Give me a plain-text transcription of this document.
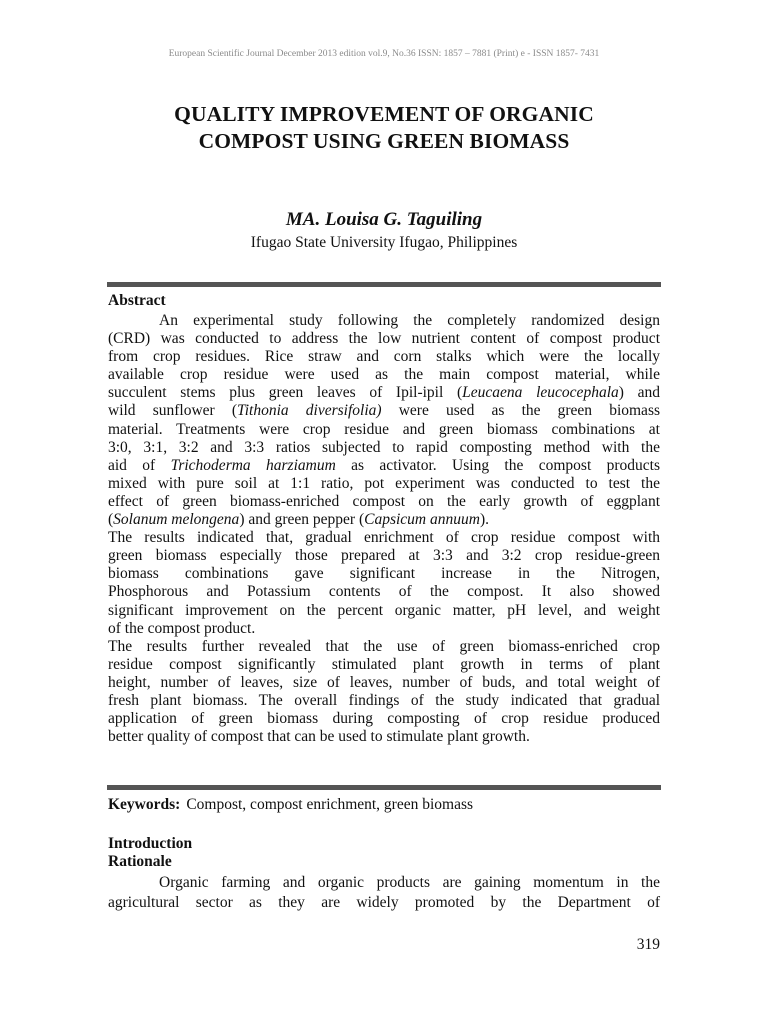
European Scientific Journal December 2013 edition vol.9, No.36 ISSN: 1857 – 7881 (Print) e - ISSN 1857- 7431
QUALITY IMPROVEMENT OF ORGANIC
COMPOST USING GREEN BIOMASS
MA. Louisa G. Taguiling
Ifugao State University Ifugao, Philippines
Abstract
An experimental study following the completely randomized design
(CRD) was conducted to address the low nutrient content of compost product
from crop residues. Rice straw and corn stalks which were the locally
available crop residue were used as the main compost material, while
succulent stems plus green leaves of Ipil-ipil (Leucaena leucocephala) and
wild sunflower (Tithonia diversifolia) were used as the green biomass
material. Treatments were crop residue and green biomass combinations at
3:0, 3:1, 3:2 and 3:3 ratios subjected to rapid composting method with the
aid of Trichoderma harziamum as activator. Using the compost products
mixed with pure soil at 1:1 ratio, pot experiment was conducted to test the
effect of green biomass-enriched compost on the early growth of eggplant
(Solanum melongena) and green pepper (Capsicum annuum).
The results indicated that, gradual enrichment of crop residue compost with
green biomass especially those prepared at 3:3 and 3:2 crop residue-green
biomass combinations gave significant increase in the Nitrogen,
Phosphorous and Potassium contents of the compost. It also showed
significant improvement on the percent organic matter, pH level, and weight
of the compost product.
The results further revealed that the use of green biomass-enriched crop
residue compost significantly stimulated plant growth in terms of plant
height, number of leaves, size of leaves, number of buds, and total weight of
fresh plant biomass. The overall findings of the study indicated that gradual
application of green biomass during composting of crop residue produced
better quality of compost that can be used to stimulate plant growth.
Keywords: Compost, compost enrichment, green biomass
Introduction
Rationale
Organic farming and organic products are gaining momentum in the
agricultural sector as they are widely promoted by the Department of
319
